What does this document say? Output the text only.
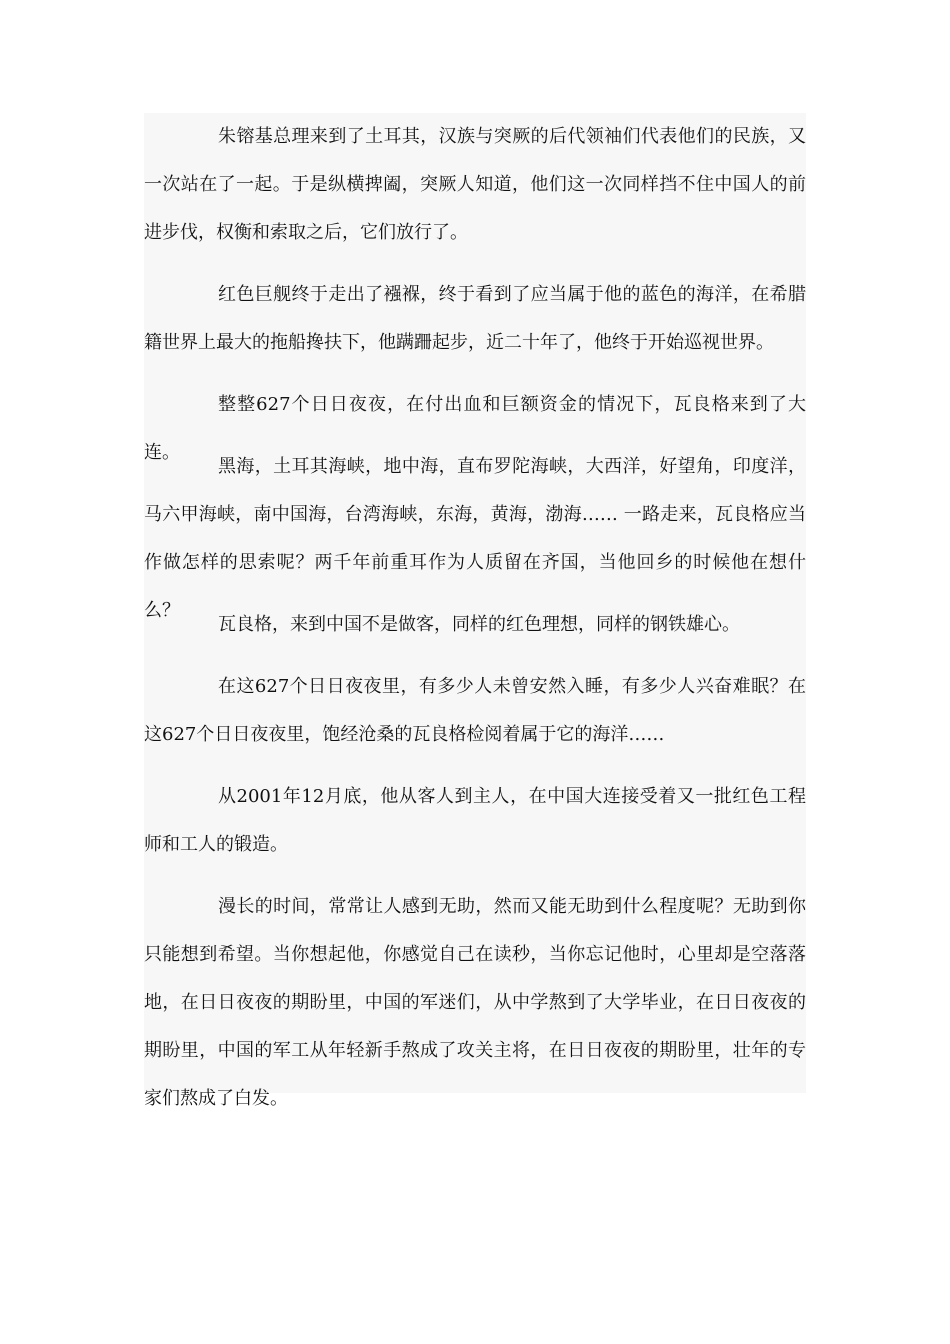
朱镕基总理来到了土耳其，汉族与突厥的后代领袖们代表他们的民族，又一次站在了一起。于是纵横捭阖，突厥人知道，他们这一次同样挡不住中国人的前进步伐，权衡和索取之后，它们放行了。

红色巨舰终于走出了襁褓，终于看到了应当属于他的蓝色的海洋，在希腊籍世界上最大的拖船搀扶下，他蹒跚起步，近二十年了，他终于开始巡视世界。

整整627个日日夜夜，在付出血和巨额资金的情况下，瓦良格来到了大连。

黑海，土耳其海峡，地中海，直布罗陀海峡，大西洋，好望角，印度洋，马六甲海峡，南中国海，台湾海峡，东海，黄海，渤海…… 一路走来，瓦良格应当作做怎样的思索呢？两千年前重耳作为人质留在齐国，当他回乡的时候他在想什么？

瓦良格，来到中国不是做客，同样的红色理想，同样的钢铁雄心。

在这627个日日夜夜里，有多少人未曾安然入睡，有多少人兴奋难眠？在这627个日日夜夜里，饱经沧桑的瓦良格检阅着属于它的海洋……

从2001年12月底，他从客人到主人，在中国大连接受着又一批红色工程师和工人的锻造。

漫长的时间，常常让人感到无助，然而又能无助到什么程度呢？无助到你只能想到希望。当你想起他，你感觉自己在读秒，当你忘记他时，心里却是空落落地，在日日夜夜的期盼里，中国的军迷们，从中学熬到了大学毕业，在日日夜夜的期盼里，中国的军工从年轻新手熬成了攻关主将，在日日夜夜的期盼里，壮年的专家们熬成了白发。
